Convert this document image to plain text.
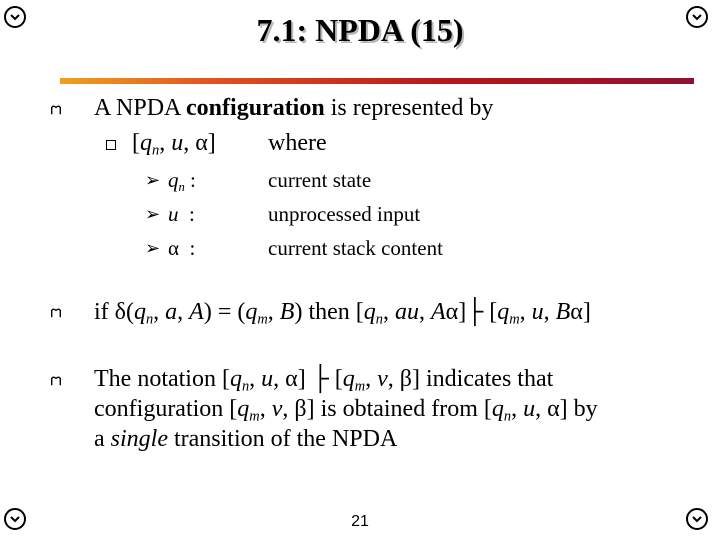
7.1: NPDA (15)
A NPDA configuration is represented by
[$q_n$, u, α] where
➢ $q_n$ :	current state
➢ u  :	unprocessed input
➢ α  :	current stack content
if $\delta(q_n$, a, $A) = (q_m$, B) then [$q_n$, au, Aα]├ [$q_m$, u, Bα]
The notation [$q_n$, u, α] ├ [$q_m$, v, β] indicates that
configuration [$q_m$, v, β] is obtained from [$q_n$, u, α] by
a single transition of the NPDA
21
